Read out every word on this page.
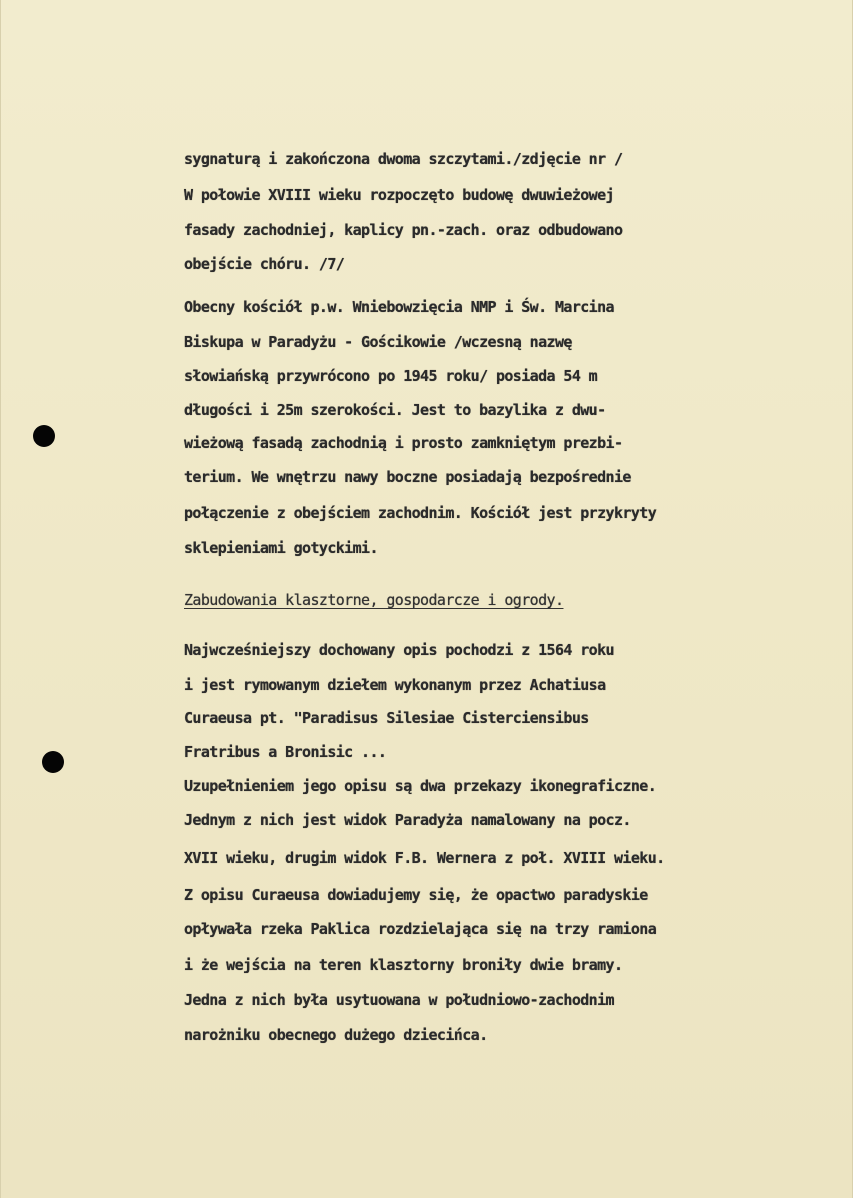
sygnaturą i zakończona dwoma szczytami./zdjęcie nr /

W połowie XVIII wieku rozpoczęto budowę dwuwieżowej

fasady zachodniej, kaplicy pn.-zach. oraz odbudowano

obejście chóru. /7/

Obecny kościół p.w. Wniebowzięcia NMP i Św. Marcina

Biskupa w Paradyżu - Gościkowie /wczesną nazwę

słowiańską przywrócono po 1945 roku/ posiada 54 m

długości i 25m szerokości. Jest to bazylika z dwu-

wieżową fasadą zachodnią i prosto zamkniętym prezbi-

terium. We wnętrzu nawy boczne posiadają bezpośrednie

połączenie z obejściem zachodnim. Kościół jest przykryty

sklepieniami gotyckimi.

Zabudowania klasztorne, gospodarcze i ogrody.

Najwcześniejszy dochowany opis pochodzi z 1564 roku

i jest rymowanym dziełem wykonanym przez Achatiusa

Curaeusa pt. "Paradisus Silesiae Cisterciensibus

Fratribus a Bronisic ...

Uzupełnieniem jego opisu są dwa przekazy ikonegraficzne.

Jednym z nich jest widok Paradyża namalowany na pocz.

XVII wieku, drugim widok F.B. Wernera z poł. XVIII wieku.

Z opisu Curaeusa dowiadujemy się, że opactwo paradyskie

opływała rzeka Paklica rozdzielająca się na trzy ramiona

i że wejścia na teren klasztorny broniły dwie bramy.

Jedna z nich była usytuowana w południowo-zachodnim

narożniku obecnego dużego dziecińca.
